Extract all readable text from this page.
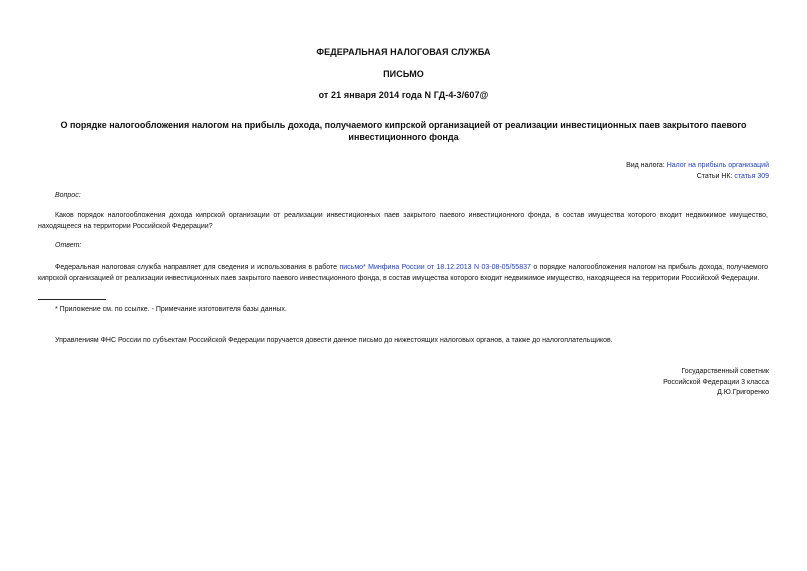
ФЕДЕРАЛЬНАЯ НАЛОГОВАЯ СЛУЖБА
ПИСЬМО
от 21 января 2014 года N ГД-4-3/607@
О порядке налогообложения налогом на прибыль дохода, получаемого кипрской организацией от реализации инвестиционных паев закрытого паевого инвестиционного фонда
Вид налога: Налог на прибыль организаций
Статьи НК: статья 309
Вопрос:
Каков порядок налогообложения дохода кипрской организации от реализации инвестиционных паев закрытого паевого инвестиционного фонда, в состав имущества которого входит недвижимое имущество, находящееся на территории Российской Федерации?
Ответ:
Федеральная налоговая служба направляет для сведения и использования в работе письмо* Минфина России от 18.12.2013 N 03-08-05/55837 о порядке налогообложения налогом на прибыль дохода, получаемого кипрской организацией от реализации инвестиционных паев закрытого паевого инвестиционного фонда, в состав имущества которого входит недвижимое имущество, находящееся на территории Российской Федерации.
* Приложение см. по ссылке. - Примечание изготовителя базы данных.
Управлениям ФНС России по субъектам Российской Федерации поручается довести данное письмо до нижестоящих налоговых органов, а также до налогоплательщиков.
Государственный советник
Российской Федерации 3 класса
Д.Ю.Григоренко
